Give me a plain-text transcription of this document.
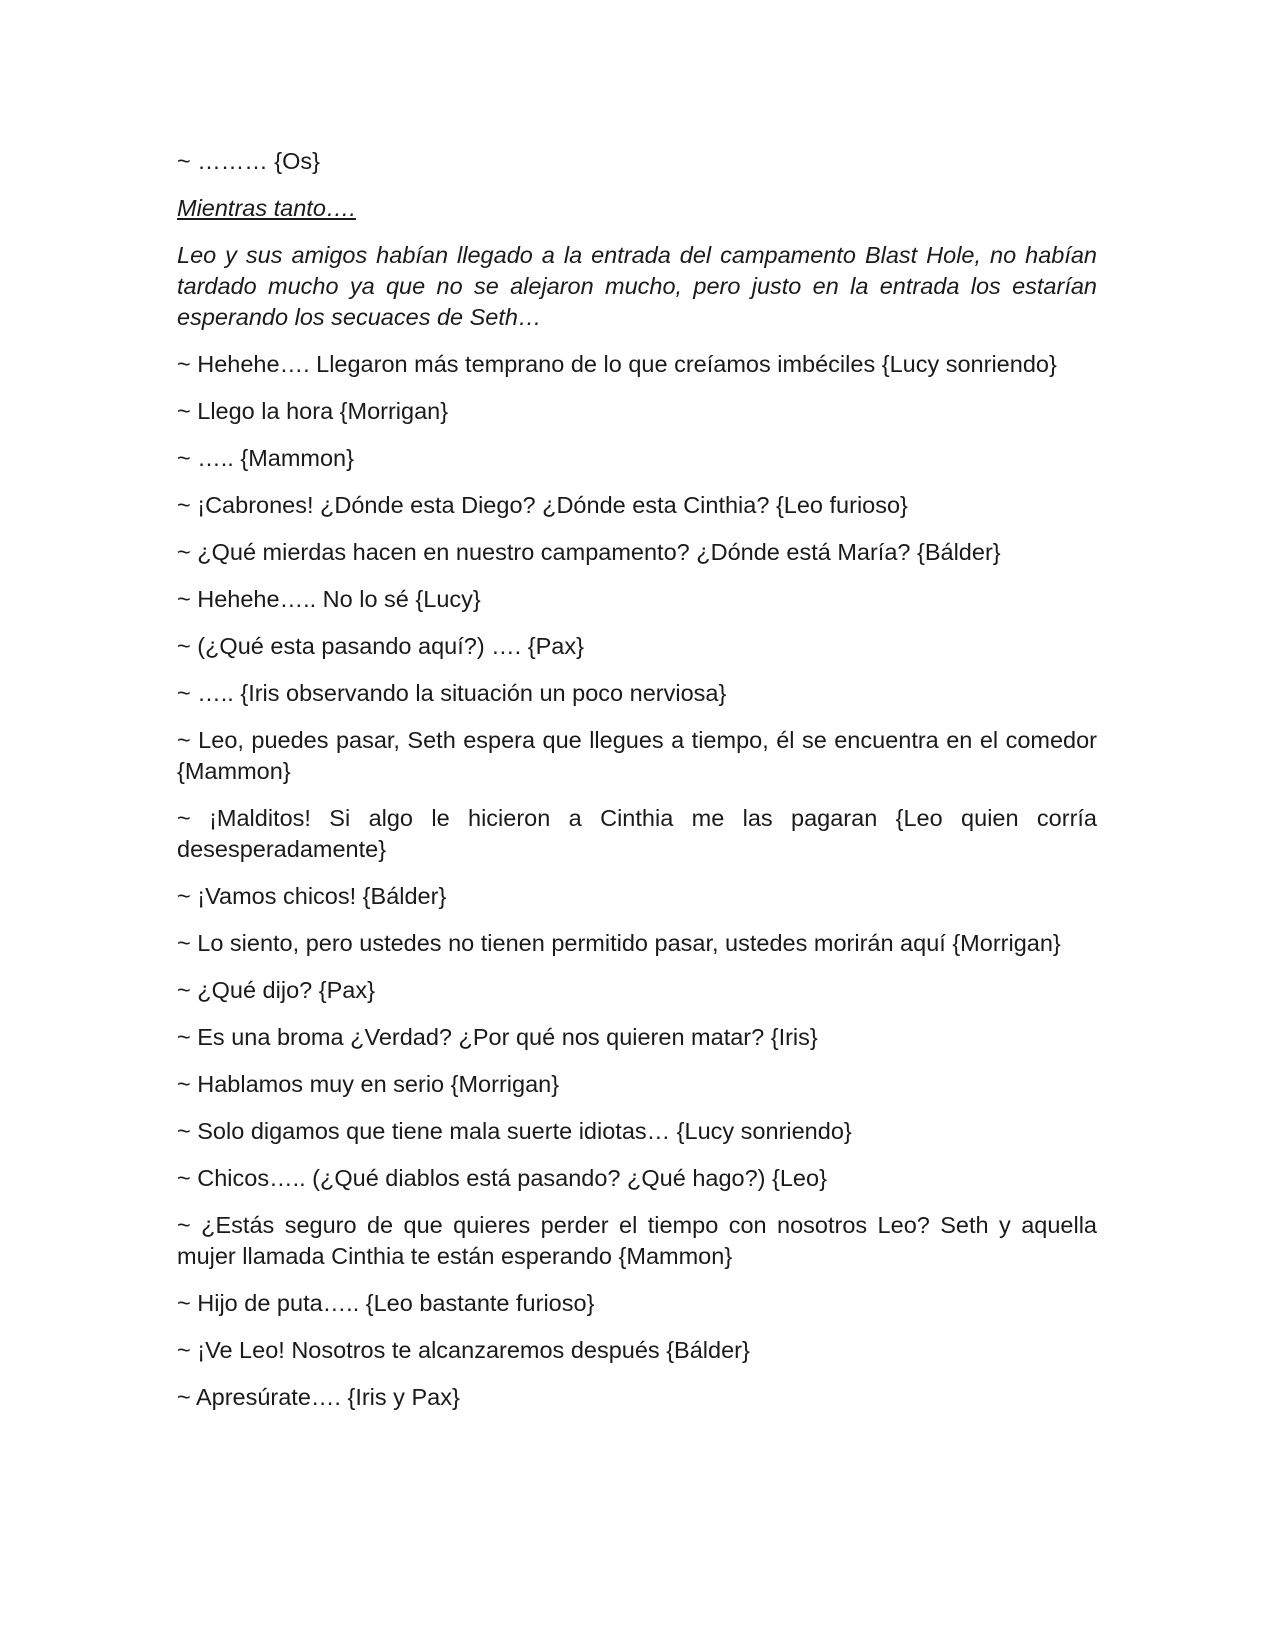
~ ……… {Os}

Mientras tanto….

Leo y sus amigos habían llegado a la entrada del campamento Blast Hole, no habían tardado mucho ya que no se alejaron mucho, pero justo en la entrada los estarían esperando los secuaces de Seth…

~ Hehehe…. Llegaron más temprano de lo que creíamos imbéciles {Lucy sonriendo}

~ Llego la hora {Morrigan}

~ ….. {Mammon}

~ ¡Cabrones! ¿Dónde esta Diego? ¿Dónde esta Cinthia? {Leo furioso}

~ ¿Qué mierdas hacen en nuestro campamento? ¿Dónde está María? {Bálder}

~ Hehehe….. No lo sé {Lucy}

~ (¿Qué esta pasando aquí?) …. {Pax}

~ ….. {Iris observando la situación un poco nerviosa}

~ Leo, puedes pasar, Seth espera que llegues a tiempo, él se encuentra en el comedor {Mammon}

~ ¡Malditos! Si algo le hicieron a Cinthia me las pagaran {Leo quien corría desesperadamente}

~ ¡Vamos chicos! {Bálder}

~ Lo siento, pero ustedes no tienen permitido pasar, ustedes morirán aquí {Morrigan}

~ ¿Qué dijo? {Pax}

~ Es una broma ¿Verdad? ¿Por qué nos quieren matar? {Iris}

~ Hablamos muy en serio {Morrigan}

~ Solo digamos que tiene mala suerte idiotas… {Lucy sonriendo}

~ Chicos….. (¿Qué diablos está pasando? ¿Qué hago?) {Leo}

~ ¿Estás seguro de que quieres perder el tiempo con nosotros Leo? Seth y aquella mujer llamada Cinthia te están esperando {Mammon}

~ Hijo de puta….. {Leo bastante furioso}

~ ¡Ve Leo! Nosotros te alcanzaremos después {Bálder}

~ Apresúrate…. {Iris y Pax}
